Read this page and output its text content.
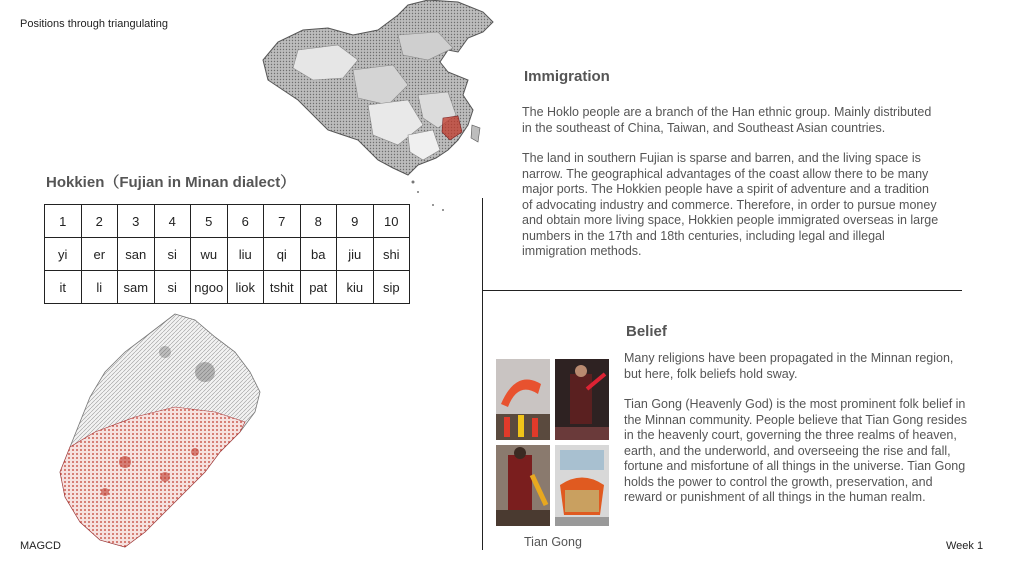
Positions through triangulating
Hokkien（Fujian in Minan dialect）
1	2	3	4	5	6	7	8	9	10
yi	er	san	si	wu	liu	qi	ba	jiu	shi
it	li	sam	si	ngoo	liok	tshit	pat	kiu	sip
Immigration
The Hoklo people are a branch of the Han ethnic group. Mainly distributed in the southeast of China, Taiwan, and Southeast Asian countries.
The land in southern Fujian is sparse and barren, and the living space is narrow. The geographical advantages of the coast allow there to be many major ports. The Hokkien people have a spirit of adventure and a tradition of advocating industry and commerce. Therefore, in order to pursue money and obtain more living space, Hokkien people immigrated overseas in large numbers in the 17th and 18th centuries, including legal and illegal immigration methods.
Tian Gong
Belief
Many religions have been propagated in the Minnan region, but here, folk beliefs hold sway.
Tian Gong (Heavenly God) is the most prominent folk belief in the Minnan community. People believe that Tian Gong resides in the heavenly court, governing the three realms of heaven, earth, and the underworld, and overseeing the rise and fall, fortune and misfortune of all things in the universe. Tian Gong holds the power to control the growth, preservation, and reward or punishment of all things in the human realm.
MAGCD	Week 1
